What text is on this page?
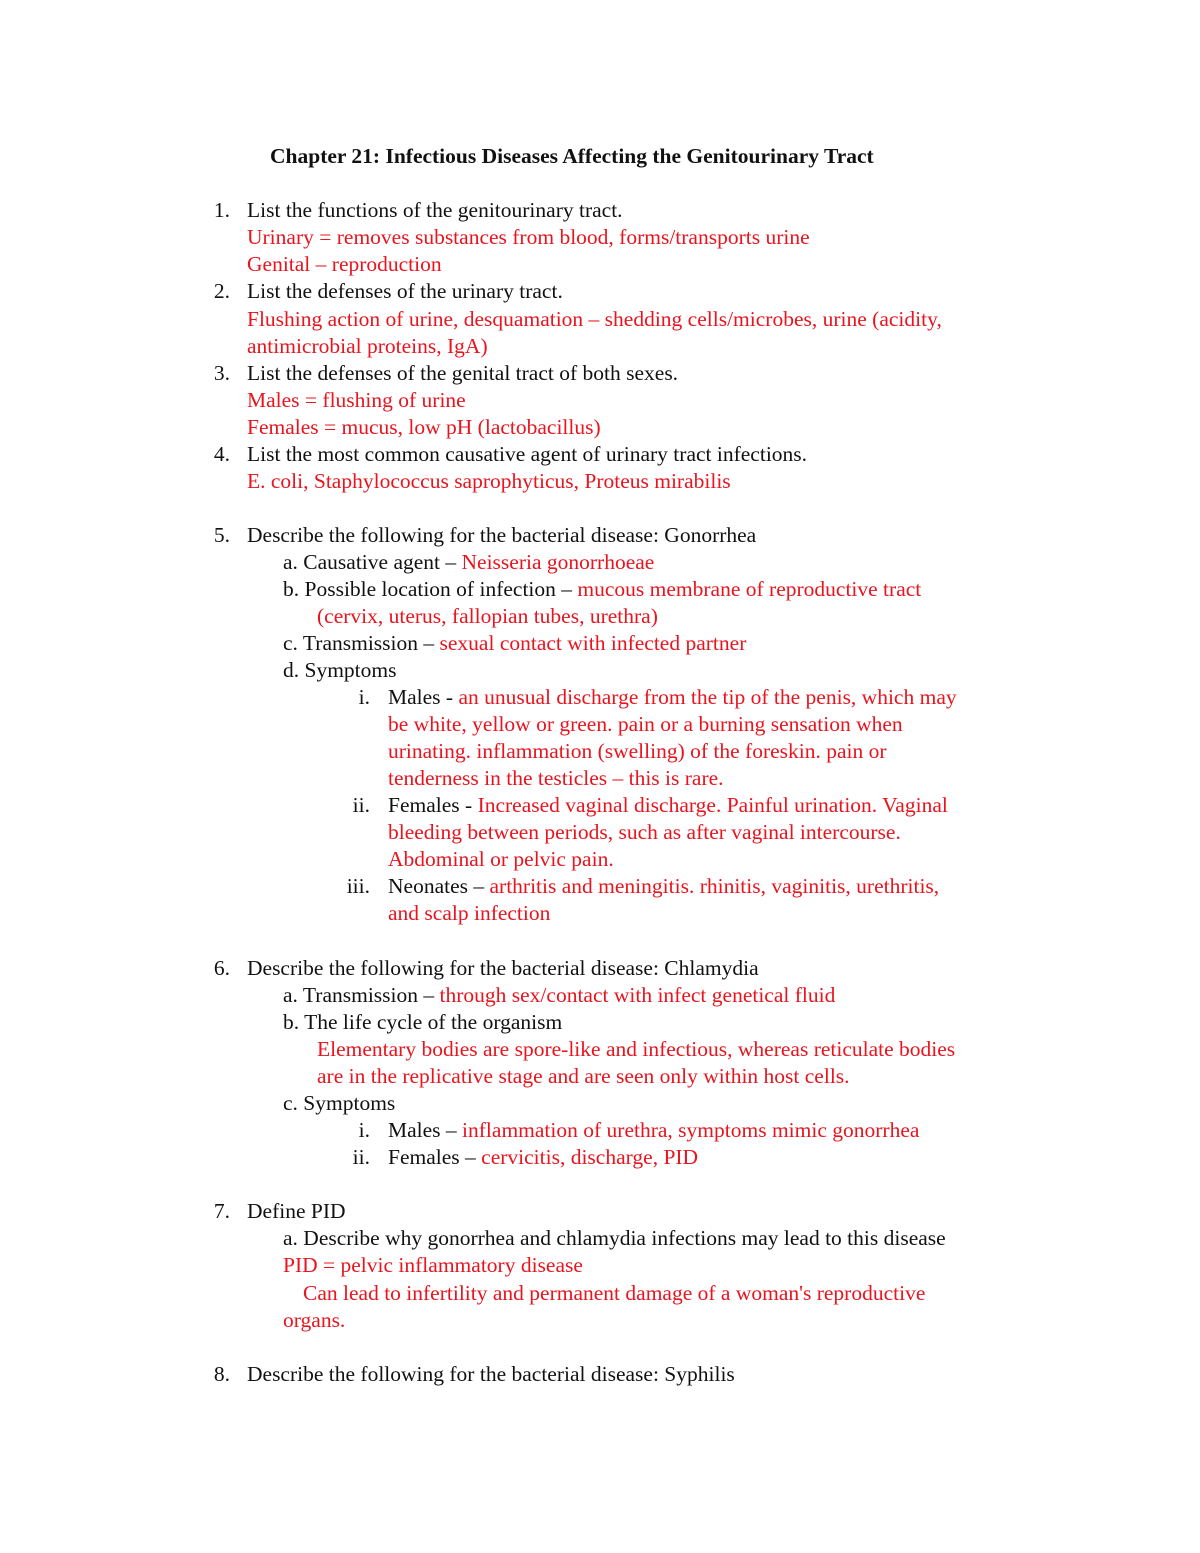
Chapter 21: Infectious Diseases Affecting the Genitourinary Tract
1. List the functions of the genitourinary tract.
Urinary = removes substances from blood, forms/transports urine
Genital – reproduction
2. List the defenses of the urinary tract.
Flushing action of urine, desquamation – shedding cells/microbes, urine (acidity,
antimicrobial proteins, IgA)
3. List the defenses of the genital tract of both sexes.
Males = flushing of urine
Females = mucus, low pH (lactobacillus)
4. List the most common causative agent of urinary tract infections.
E. coli, Staphylococcus saprophyticus, Proteus mirabilis
5. Describe the following for the bacterial disease: Gonorrhea
a. Causative agent – Neisseria gonorrhoeae
b. Possible location of infection – mucous membrane of reproductive tract
(cervix, uterus, fallopian tubes, urethra)
c. Transmission – sexual contact with infected partner
d. Symptoms
i. Males - an unusual discharge from the tip of the penis, which may
be white, yellow or green. pain or a burning sensation when
urinating. inflammation (swelling) of the foreskin. pain or
tenderness in the testicles – this is rare.
ii. Females - Increased vaginal discharge. Painful urination. Vaginal
bleeding between periods, such as after vaginal intercourse.
Abdominal or pelvic pain.
iii. Neonates – arthritis and meningitis. rhinitis, vaginitis, urethritis,
and scalp infection
6. Describe the following for the bacterial disease: Chlamydia
a. Transmission – through sex/contact with infect genetical fluid
b. The life cycle of the organism
Elementary bodies are spore-like and infectious, whereas reticulate bodies
are in the replicative stage and are seen only within host cells.
c. Symptoms
i. Males – inflammation of urethra, symptoms mimic gonorrhea
ii. Females – cervicitis, discharge, PID
7. Define PID
a. Describe why gonorrhea and chlamydia infections may lead to this disease
PID = pelvic inflammatory disease
Can lead to infertility and permanent damage of a woman's reproductive
organs.
8. Describe the following for the bacterial disease: Syphilis
